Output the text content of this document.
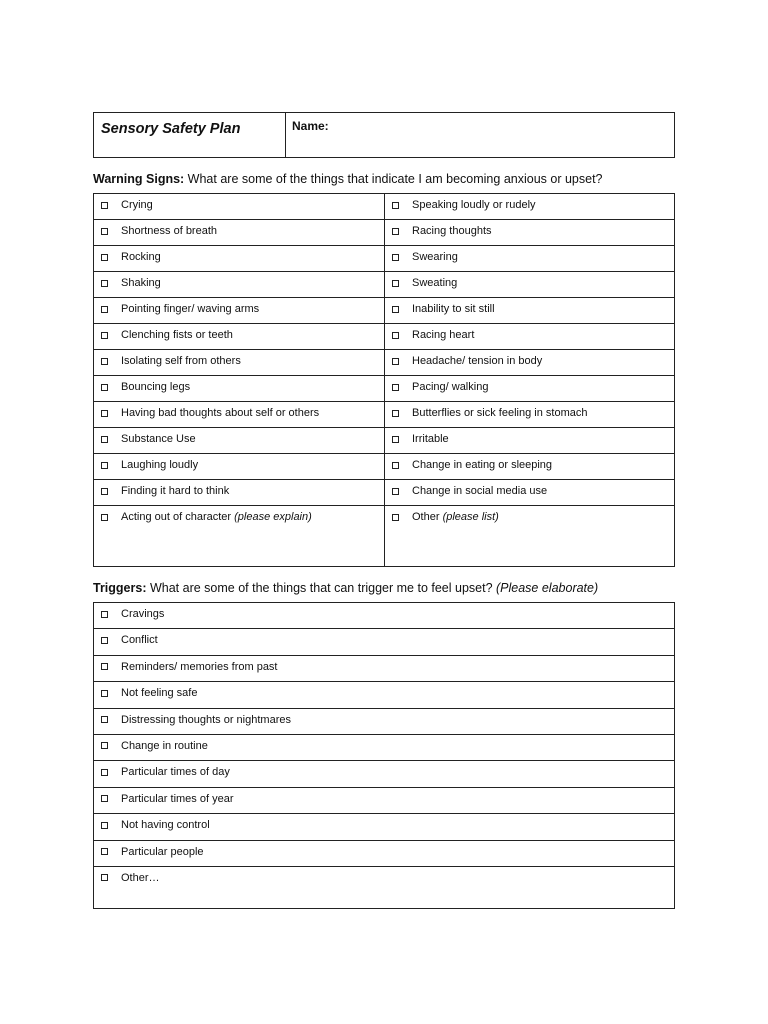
Sensory Safety Plan	Name:
Warning Signs: What are some of the things that indicate I am becoming anxious or upset?
Crying	Speaking loudly or rudely

Shortness of breath	Racing thoughts

Rocking	Swearing

Shaking	Sweating

Pointing finger/ waving arms	Inability to sit still

Clenching fists or teeth	Racing heart

Isolating self from others	Headache/ tension in body

Bouncing legs	Pacing/ walking

Having bad thoughts about self or others	Butterflies or sick feeling in stomach

Substance Use	Irritable

Laughing loudly	Change in eating or sleeping

Finding it hard to think	Change in social media use

Acting out of character (please explain)	Other (please list)
Triggers: What are some of the things that can trigger me to feel upset? (Please elaborate)
Cravings

Conflict

Reminders/ memories from past

Not feeling safe

Distressing thoughts or nightmares

Change in routine

Particular times of day

Particular times of year

Not having control

Particular people

Other…
